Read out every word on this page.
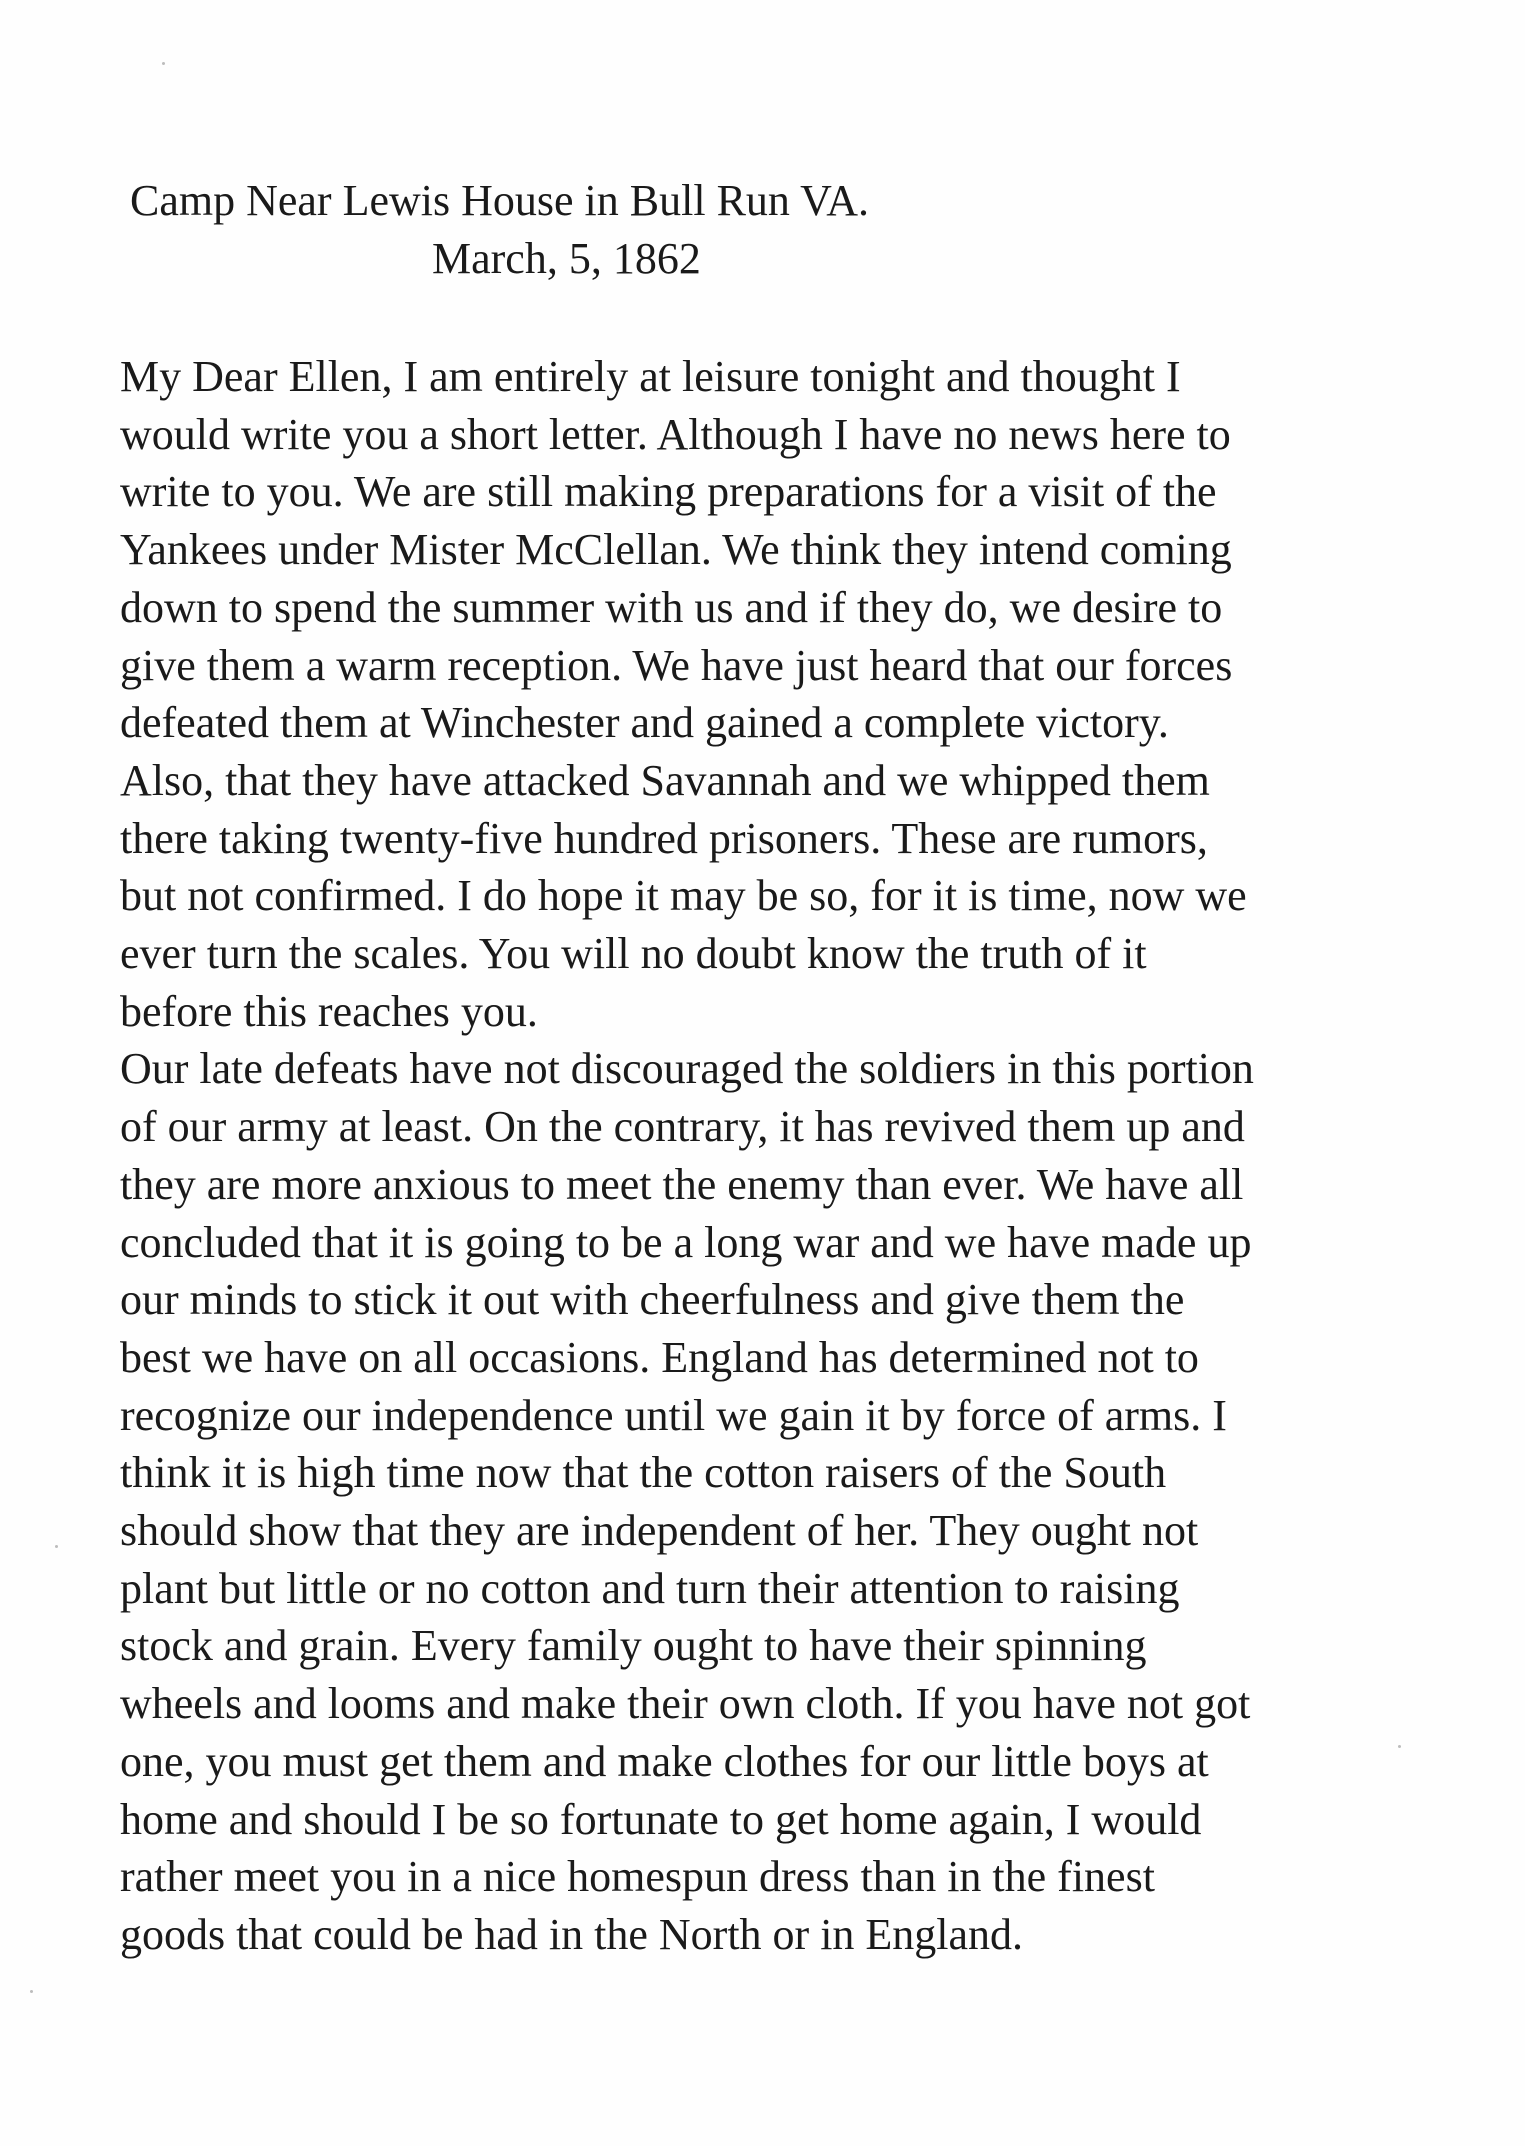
Camp Near Lewis House in Bull Run VA.
March, 5, 1862
My Dear Ellen, I am entirely at leisure tonight and thought I
would write you a short letter. Although I have no news here to
write to you. We are still making preparations for a visit of the
Yankees under Mister McClellan. We think they intend coming
down to spend the summer with us and if they do, we desire to
give them a warm reception. We have just heard that our forces
defeated them at Winchester and gained a complete victory.
Also, that they have attacked Savannah and we whipped them
there taking twenty-five hundred prisoners. These are rumors,
but not confirmed. I do hope it may be so, for it is time, now we
ever turn the scales. You will no doubt know the truth of it
before this reaches you.
Our late defeats have not discouraged the soldiers in this portion
of our army at least. On the contrary, it has revived them up and
they are more anxious to meet the enemy than ever. We have all
concluded that it is going to be a long war and we have made up
our minds to stick it out with cheerfulness and give them the
best we have on all occasions. England has determined not to
recognize our independence until we gain it by force of arms. I
think it is high time now that the cotton raisers of the South
should show that they are independent of her. They ought not
plant but little or no cotton and turn their attention to raising
stock and grain. Every family ought to have their spinning
wheels and looms and make their own cloth. If you have not got
one, you must get them and make clothes for our little boys at
home and should I be so fortunate to get home again, I would
rather meet you in a nice homespun dress than in the finest
goods that could be had in the North or in England.
